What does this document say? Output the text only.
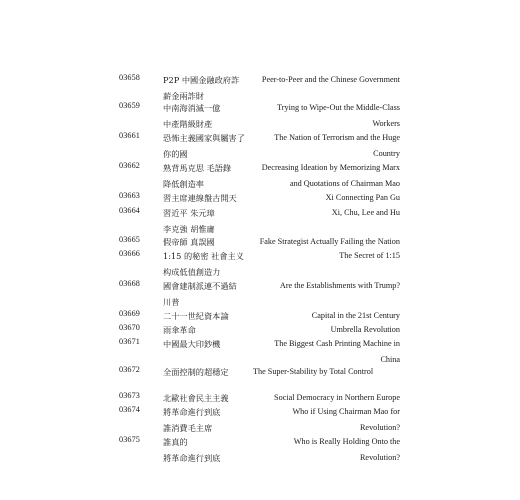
03658	P2P 中國金融政府詐
薪金兩詐財
Peer-to-Peer and the Chinese Government
03659	中南海消滅一億
中產階級財產
Trying to Wipe-Out the Middle-Class
Workers
03661	恐怖主義國家與屬害了
你的國
The Nation of Terrorism and the Huge
Country
03662	熟背馬克思 毛語錄
降低創造率
Decreasing Ideation by Memorizing Marx
and Quotations of Chairman Mao
03663	習主席連線盤古開天	Xi Connecting Pan Gu
03664	習近平 朱元璋
李克強 胡惟庸
Xi, Chu, Lee and Hu
03665	假帝師 真誤國	Fake Strategist Actually Failing the Nation
03666	1:15 的秘密 社會主义
构成低值創造力
The Secret of 1:15
03668	國會建制派連不過結
川普
Are the Establishments with Trump?
03669	二十一世紀資本論	Capital in the 21st Century
03670	雨傘革命	Umbrella Revolution
03671	中國最大印鈔機	The Biggest Cash Printing Machine in
China
03672	全面控制的超穩定	The Super-Stability by Total Control
03673	北歐社會民主主義	Social Democracy in Northern Europe
03674	將革命進行到底
誰消費毛主席
Who if Using Chairman Mao for
Revolution?
03675	誰真的
將革命進行到底
Who is Really Holding Onto the
Revolution?
